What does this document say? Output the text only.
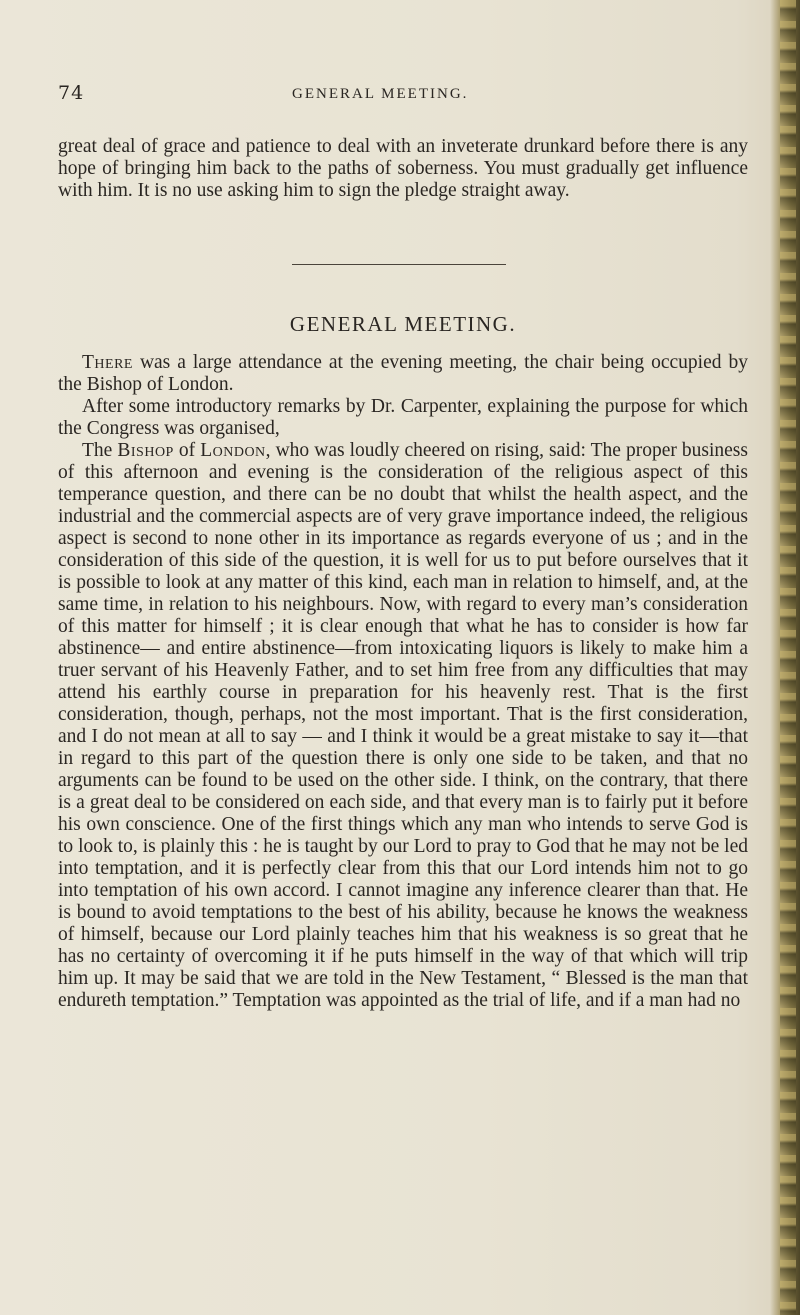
74	GENERAL MEETING.

great deal of grace and patience to deal with an inveterate drunkard before there is any hope of bringing him back to the paths of soberness. You must gradually get influence with him. It is no use asking him to sign the pledge straight away.

GENERAL MEETING.

There was a large attendance at the evening meeting, the chair being occupied by the Bishop of London.

After some introductory remarks by Dr. Carpenter, explaining the purpose for which the Congress was organised,

The Bishop of London, who was loudly cheered on rising, said: The proper business of this afternoon and evening is the consideration of the religious aspect of this temperance question, and there can be no doubt that whilst the health aspect, and the industrial and the commercial aspects are of very grave importance indeed, the religious aspect is second to none other in its importance as regards everyone of us ; and in the consideration of this side of the question, it is well for us to put before ourselves that it is possible to look at any matter of this kind, each man in relation to himself, and, at the same time, in relation to his neighbours. Now, with regard to every man’s consideration of this matter for himself ; it is clear enough that what he has to consider is how far abstinence— and entire abstinence—from intoxicating liquors is likely to make him a truer servant of his Heavenly Father, and to set him free from any difficulties that may attend his earthly course in preparation for his heavenly rest. That is the first consideration, though, perhaps, not the most important. That is the first consideration, and I do not mean at all to say — and I think it would be a great mistake to say it—that in regard to this part of the question there is only one side to be taken, and that no arguments can be found to be used on the other side. I think, on the contrary, that there is a great deal to be considered on each side, and that every man is to fairly put it before his own conscience. One of the first things which any man who intends to serve God is to look to, is plainly this : he is taught by our Lord to pray to God that he may not be led into temptation, and it is perfectly clear from this that our Lord intends him not to go into temptation of his own accord. I cannot imagine any inference clearer than that. He is bound to avoid temptations to the best of his ability, because he knows the weakness of himself, because our Lord plainly teaches him that his weakness is so great that he has no certainty of overcoming it if he puts himself in the way of that which will trip him up. It may be said that we are told in the New Testament, “ Blessed is the man that endureth temptation.” Temptation was appointed as the trial of life, and if a man had no
